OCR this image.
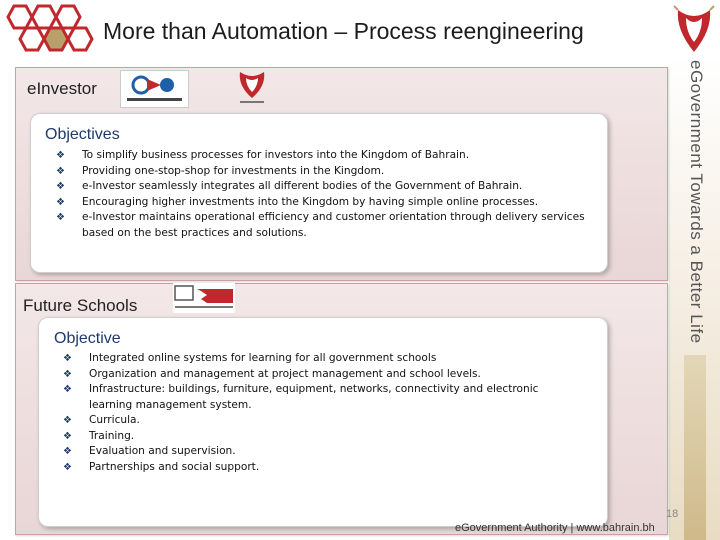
More than Automation – Process reengineering
eGovernment Towards a Better Life
eInvestor
Objectives
❖ To simplify business processes for investors into the Kingdom of Bahrain.
❖ Providing one-stop-shop for investments in the Kingdom.
❖ e-Investor seamlessly integrates all different bodies of the Government of Bahrain.
❖ Encouraging higher investments into the Kingdom by having simple online processes.
❖ e-Investor maintains operational efficiency and customer orientation through delivery services based on the best practices and solutions.
Future Schools
Objective
❖ Integrated online systems for learning for all government schools
❖ Organization and management at project management and school levels.
❖ Infrastructure: buildings, furniture, equipment, networks, connectivity and electronic learning management system.
❖ Curricula.
❖ Training.
❖ Evaluation and supervision.
❖ Partnerships and social support.
eGovernment Authority | www.bahrain.bh
18
